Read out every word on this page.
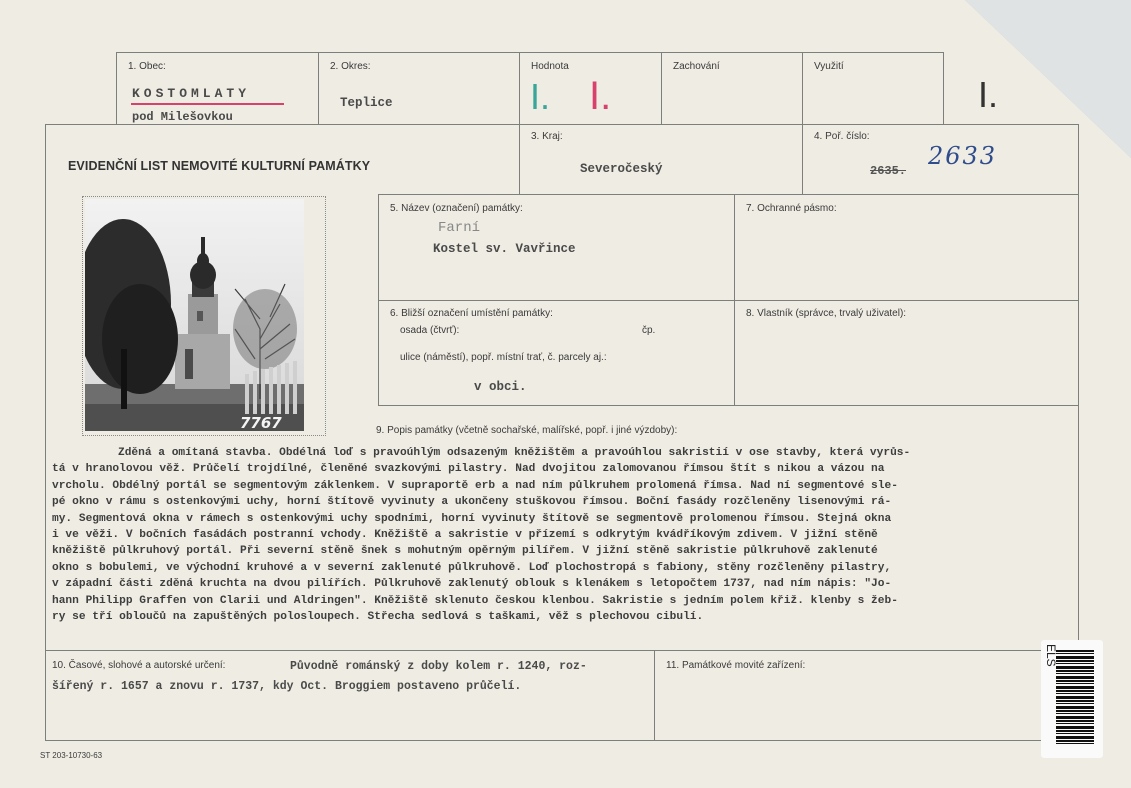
1. Obec:
KOSTOMLATY
pod Milešovkou
2. Okres:
Teplice
Hodnota
I. I.
Zachování	Využití
I.
EVIDENČNÍ LIST NEMOVITÉ KULTURNÍ PAMÁTKY
3. Kraj:
Severočeský
4. Poř. číslo:
2635.
2633
7767
5. Název (označení) památky:
Farní
Kostel sv. Vavřince
7. Ochranné pásmo:
6. Bližší označení umístění památky:
osada (čtvrť):	čp.
ulice (náměstí), popř. místní trať, č. parcely aj.:
v obci.
8. Vlastník (správce, trvalý uživatel):
9. Popis památky (včetně sochařské, malířské, popř. i jiné výzdoby):
Zděná a omítaná stavba. Obdélná loď s pravoúhlým odsazeným kněžištěm a pravoúhlou sakristií v ose stavby, která vyrůs-
tá v hranolovou věž. Průčelí trojdílné, členěné svazkovými pilastry. Nad dvojitou zalomovanou římsou štít s nikou a vázou na
vrcholu. Obdélný portál se segmentovým záklenkem. V supraportě erb a nad ním půlkruhem prolomená římsa. Nad ní segmentové sle-
pé okno v rámu s ostenkovými uchy, horní štítově vyvinuty a ukončeny stuškovou římsou. Boční fasády rozčleněny lisenovými rá-
my. Segmentová okna v rámech s ostenkovými uchy spodními, horní vyvinuty štítově se segmentově prolomenou římsou. Stejná okna
i ve věži. V bočních fasádách postranní vchody. Kněžiště a sakristie v přízemí s odkrytým kvádříkovým zdivem. V jižní stěně
kněžiště půlkruhový portál. Při severní stěně šnek s mohutným opěrným pilířem. V jižní stěně sakristie půlkruhově zaklenuté
okno s bobulemi, ve východní kruhové a v severní zaklenuté půlkruhově. Loď plochostropá s fabiony, stěny rozčleněny pilastry,
v západní části zděná kruchta na dvou pilířích. Půlkruhově zaklenutý oblouk s klenákem s letopočtem 1737, nad ním nápis: "Jo-
hann Philipp Graffen von Clarii und Aldringen". Kněžiště sklenuto českou klenbou. Sakristie s jedním polem křiž. klenby s žeb-
ry se tří obloučů na zapuštěných polosloupech. Střecha sedlová s taškami, věž s plechovou cibulí.
10. Časové, slohové a autorské určení:	Původně románský z doby kolem r. 1240, roz-
šířený r. 1657 a znovu r. 1737, kdy Oct. Broggiem postaveno průčelí.
11. Památkové movité zařízení:
ST 203-10730-63
ELS
